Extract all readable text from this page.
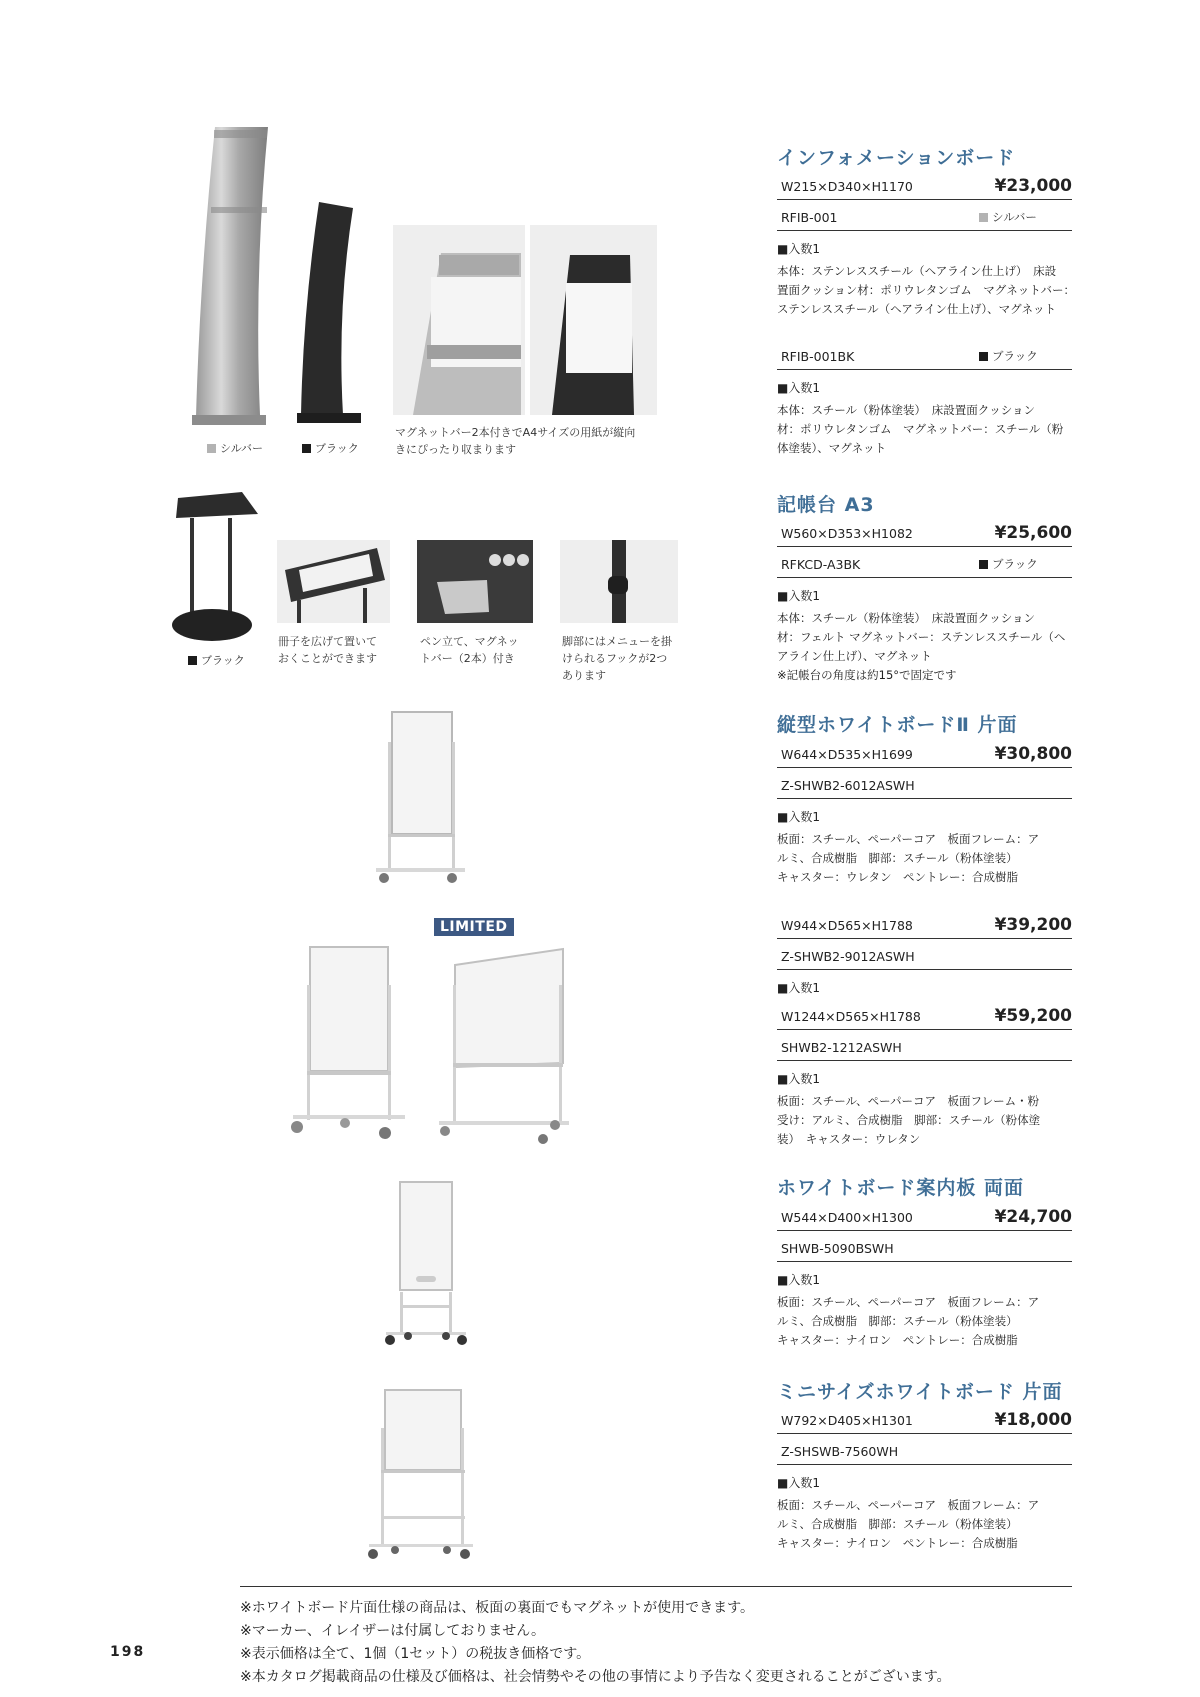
シルバー	ブラック
マグネットバー2本付きでA4サイズの用紙が縦向
きにぴったり収まります
ブラック
冊子を広げて置いて
おくことができます
ペン立て、マグネッ
トバー（2本）付き
脚部にはメニューを掛
けられるフックが2つ
あります
LIMITED
インフォメーションボード
W215×D340×H1170	¥23,000
RFIB-001	シルバー
■入数1
本体：ステンレススチール（ヘアライン仕上げ）　床設
置面クッション材：ポリウレタンゴム　マグネットバー：
ステンレススチール（ヘアライン仕上げ）、マグネット
RFIB-001BK	ブラック
■入数1
本体：スチール（粉体塗装）　床設置面クッション
材：ポリウレタンゴム　マグネットバー：スチール（粉
体塗装）、マグネット
記帳台 A3
W560×D353×H1082	¥25,600
RFKCD-A3BK	ブラック
■入数1
本体：スチール（粉体塗装）　床設置面クッション
材：フェルト マグネットバー：ステンレススチール（ヘ
アライン仕上げ）、マグネット
※記帳台の角度は約15°で固定です
縦型ホワイトボードⅡ 片面
W644×D535×H1699	¥30,800
Z-SHWB2-6012ASWH
■入数1
板面：スチール、ペーパーコア　板面フレーム：ア
ルミ、合成樹脂　脚部：スチール（粉体塗装）
キャスター：ウレタン　ペントレー：合成樹脂
W944×D565×H1788	¥39,200
Z-SHWB2-9012ASWH
■入数1
W1244×D565×H1788	¥59,200
SHWB2-1212ASWH
■入数1
板面：スチール、ペーパーコア　板面フレーム・粉
受け：アルミ、合成樹脂　脚部：スチール（粉体塗
装）　キャスター：ウレタン
ホワイトボード案内板 両面
W544×D400×H1300	¥24,700
SHWB-5090BSWH
■入数1
板面：スチール、ペーパーコア　板面フレーム：ア
ルミ、合成樹脂　脚部：スチール（粉体塗装）
キャスター：ナイロン　ペントレー：合成樹脂
ミニサイズホワイトボード 片面
W792×D405×H1301	¥18,000
Z-SHSWB-7560WH
■入数1
板面：スチール、ペーパーコア　板面フレーム：ア
ルミ、合成樹脂　脚部：スチール（粉体塗装）
キャスター：ナイロン　ペントレー：合成樹脂
※ホワイトボード片面仕様の商品は、板面の裏面でもマグネットが使用できます。
※マーカー、イレイザーは付属しておりません。
※表示価格は全て、1個（1セット）の税抜き価格です。
※本カタログ掲載商品の仕様及び価格は、社会情勢やその他の事情により予告なく変更されることがございます。
198
